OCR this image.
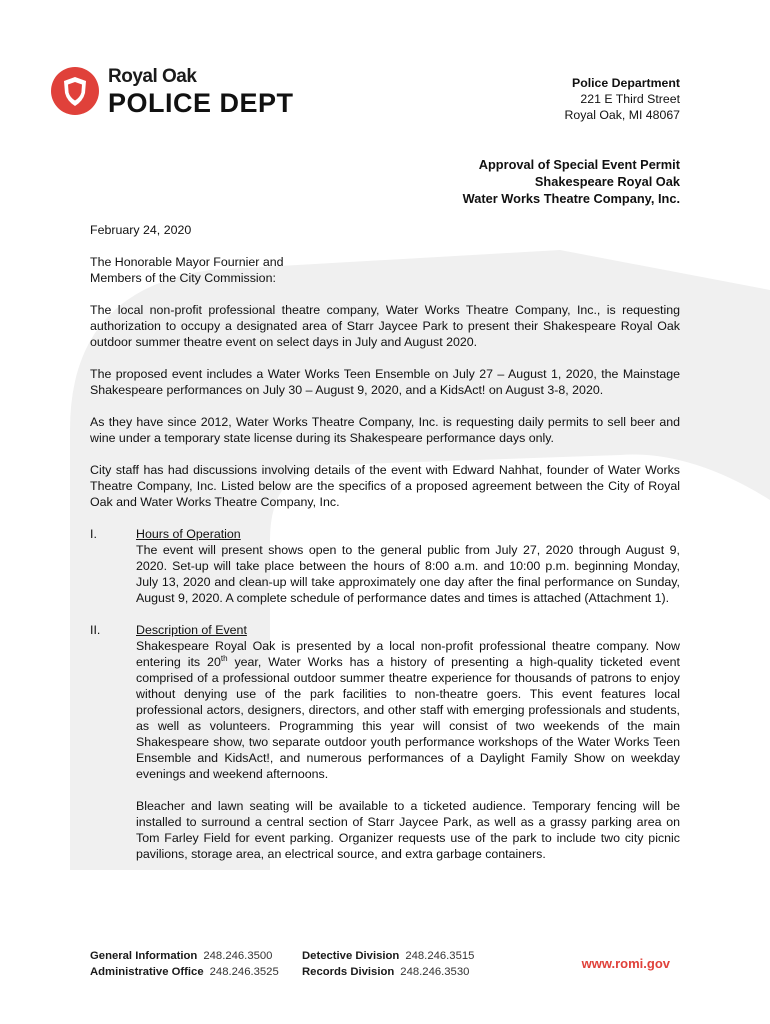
Royal Oak
POLICE DEPT
Police Department
221 E Third Street
Royal Oak, MI 48067
Approval of Special Event Permit
Shakespeare Royal Oak
Water Works Theatre Company, Inc.

February 24, 2020

The Honorable Mayor Fournier and
Members of the City Commission:

The local non-profit professional theatre company, Water Works Theatre Company, Inc., is requesting authorization to occupy a designated area of Starr Jaycee Park to present their Shakespeare Royal Oak outdoor summer theatre event on select days in July and August 2020.

The proposed event includes a Water Works Teen Ensemble on July 27 – August 1, 2020, the Mainstage Shakespeare performances on July 30 – August 9, 2020, and a KidsAct! on August 3-8, 2020.

As they have since 2012, Water Works Theatre Company, Inc. is requesting daily permits to sell beer and wine under a temporary state license during its Shakespeare performance days only.

City staff has had discussions involving details of the event with Edward Nahhat, founder of Water Works Theatre Company, Inc. Listed below are the specifics of a proposed agreement between the City of Royal Oak and Water Works Theatre Company, Inc.

I.	Hours of Operation

The event will present shows open to the general public from July 27, 2020 through August 9, 2020. Set-up will take place between the hours of 8:00 a.m. and 10:00 p.m. beginning Monday, July 13, 2020 and clean-up will take approximately one day after the final performance on Sunday, August 9, 2020. A complete schedule of performance dates and times is attached (Attachment 1).

II.	Description of Event

Shakespeare Royal Oak is presented by a local non-profit professional theatre company. Now entering its 20th year, Water Works has a history of presenting a high-quality ticketed event comprised of a professional outdoor summer theatre experience for thousands of patrons to enjoy without denying use of the park facilities to non-theatre goers. This event features local professional actors, designers, directors, and other staff with emerging professionals and students, as well as volunteers. Programming this year will consist of two weekends of the main Shakespeare show, two separate outdoor youth performance workshops of the Water Works Teen Ensemble and KidsAct!, and numerous performances of a Daylight Family Show on weekday evenings and weekend afternoons.

Bleacher and lawn seating will be available to a ticketed audience. Temporary fencing will be installed to surround a central section of Starr Jaycee Park, as well as a grassy parking area on Tom Farley Field for event parking. Organizer requests use of the park to include two city picnic pavilions, storage area, an electrical source, and extra garbage containers.

General Information 248.246.3500
Administrative Office 248.246.3525
Detective Division 248.246.3515
Records Division 248.246.3530
www.romi.gov
